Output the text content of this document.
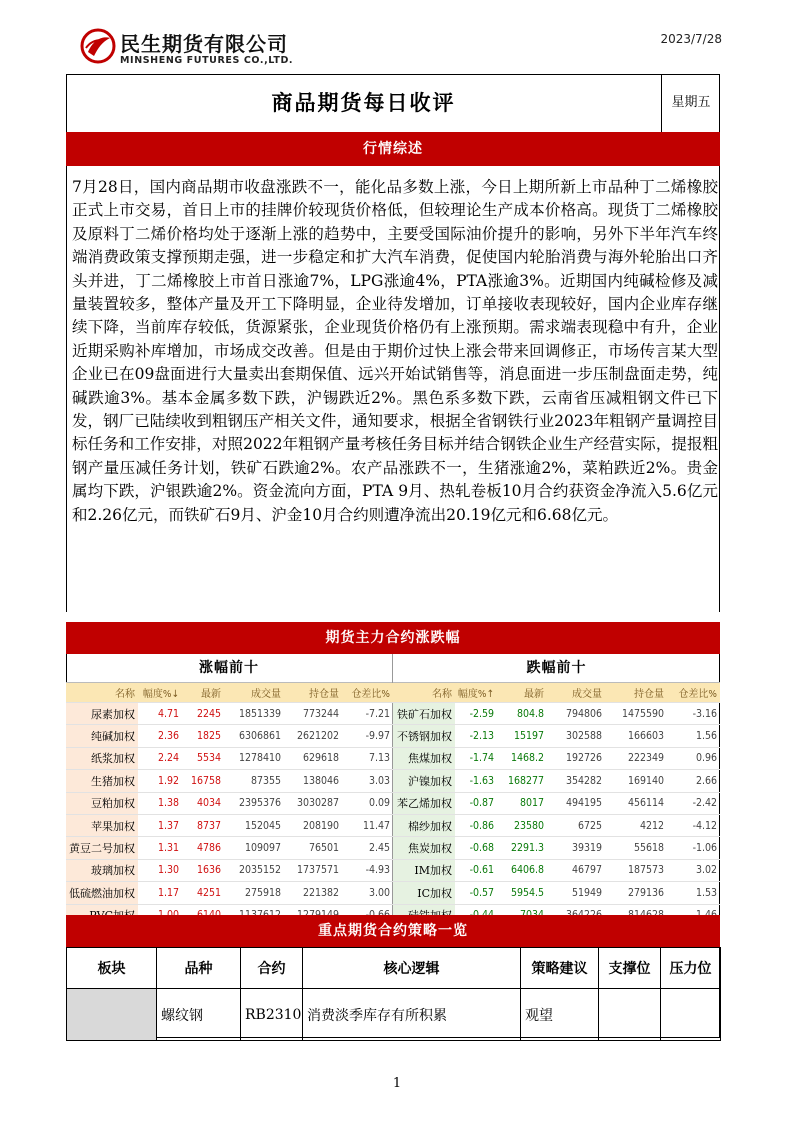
民生期货有限公司
MINSHENG FUTURES CO.,LTD.
2023/7/28
商品期货每日收评	星期五
行情综述
7月28日，国内商品期市收盘涨跌不一，能化品多数上涨，今日上期所新上市品种丁二烯橡胶正式上市交易，首日上市的挂牌价较现货价格低，但较理论生产成本价格高。现货丁二烯橡胶及原料丁二烯价格均处于逐渐上涨的趋势中，主要受国际油价提升的影响，另外下半年汽车终端消费政策支撑预期走强，进一步稳定和扩大汽车消费，促使国内轮胎消费与海外轮胎出口齐头并进，丁二烯橡胶上市首日涨逾7%，LPG涨逾4%，PTA涨逾3%。近期国内纯碱检修及减量装置较多，整体产量及开工下降明显，企业待发增加，订单接收表现较好，国内企业库存继续下降，当前库存较低，货源紧张，企业现货价格仍有上涨预期。需求端表现稳中有升，企业近期采购补库增加，市场成交改善。但是由于期价过快上涨会带来回调修正，市场传言某大型企业已在09盘面进行大量卖出套期保值、远兴开始试销售等，消息面进一步压制盘面走势，纯碱跌逾3%。基本金属多数下跌，沪锡跌近2%。黑色系多数下跌，云南省压减粗钢文件已下发，钢厂已陆续收到粗钢压产相关文件，通知要求，根据全省钢铁行业2023年粗钢产量调控目标任务和工作安排，对照2022年粗钢产量考核任务目标并结合钢铁企业生产经营实际，提报粗钢产量压减任务计划，铁矿石跌逾2%。农产品涨跌不一，生猪涨逾2%，菜粕跌近2%。贵金属均下跌，沪银跌逾2%。资金流向方面，PTA 9月、热轧卷板10月合约获资金净流入5.6亿元和2.26亿元，而铁矿石9月、沪金10月合约则遭净流出20.19亿元和6.68亿元。
期货主力合约涨跌幅
涨幅前十
名称	幅度%↓	最新	成交量	持仓量	仓差比%
尿素加权	4.71	2245	1851339	773244	-7.21
纯碱加权	2.36	1825	6306861	2621202	-9.97
纸浆加权	2.24	5534	1278410	629618	7.13
生猪加权	1.92	16758	87355	138046	3.03
豆粕加权	1.38	4034	2395376	3030287	0.09
苹果加权	1.37	8737	152045	208190	11.47
黄豆二号加权	1.31	4786	109097	76501	2.45
玻璃加权	1.30	1636	2035152	1737571	-4.93
低硫燃油加权	1.17	4251	275918	221382	3.00

跌幅前十
名称	幅度%↑	最新	成交量	持仓量	仓差比%
铁矿石加权	-2.59	804.8	794806	1475590	-3.16
不锈钢加权	-2.13	15197	302588	166603	1.56
焦煤加权	-1.74	1468.2	192726	222349	0.96
沪镍加权	-1.63	168277	354282	169140	2.66
苯乙烯加权	-0.87	8017	494195	456114	-2.42
棉纱加权	-0.86	23580	6725	4212	-4.12
焦炭加权	-0.68	2291.3	39319	55618	-1.06
IM加权	-0.61	6406.8	46797	187573	3.02
IC加权	-0.57	5954.5	51949	279136	1.53

重点期货合约策略一览
板块	品种	合约	核心逻辑	策略建议	支撑位	压力位
	螺纹钢	RB2310	消费淡季库存有所积累	观望		
1
